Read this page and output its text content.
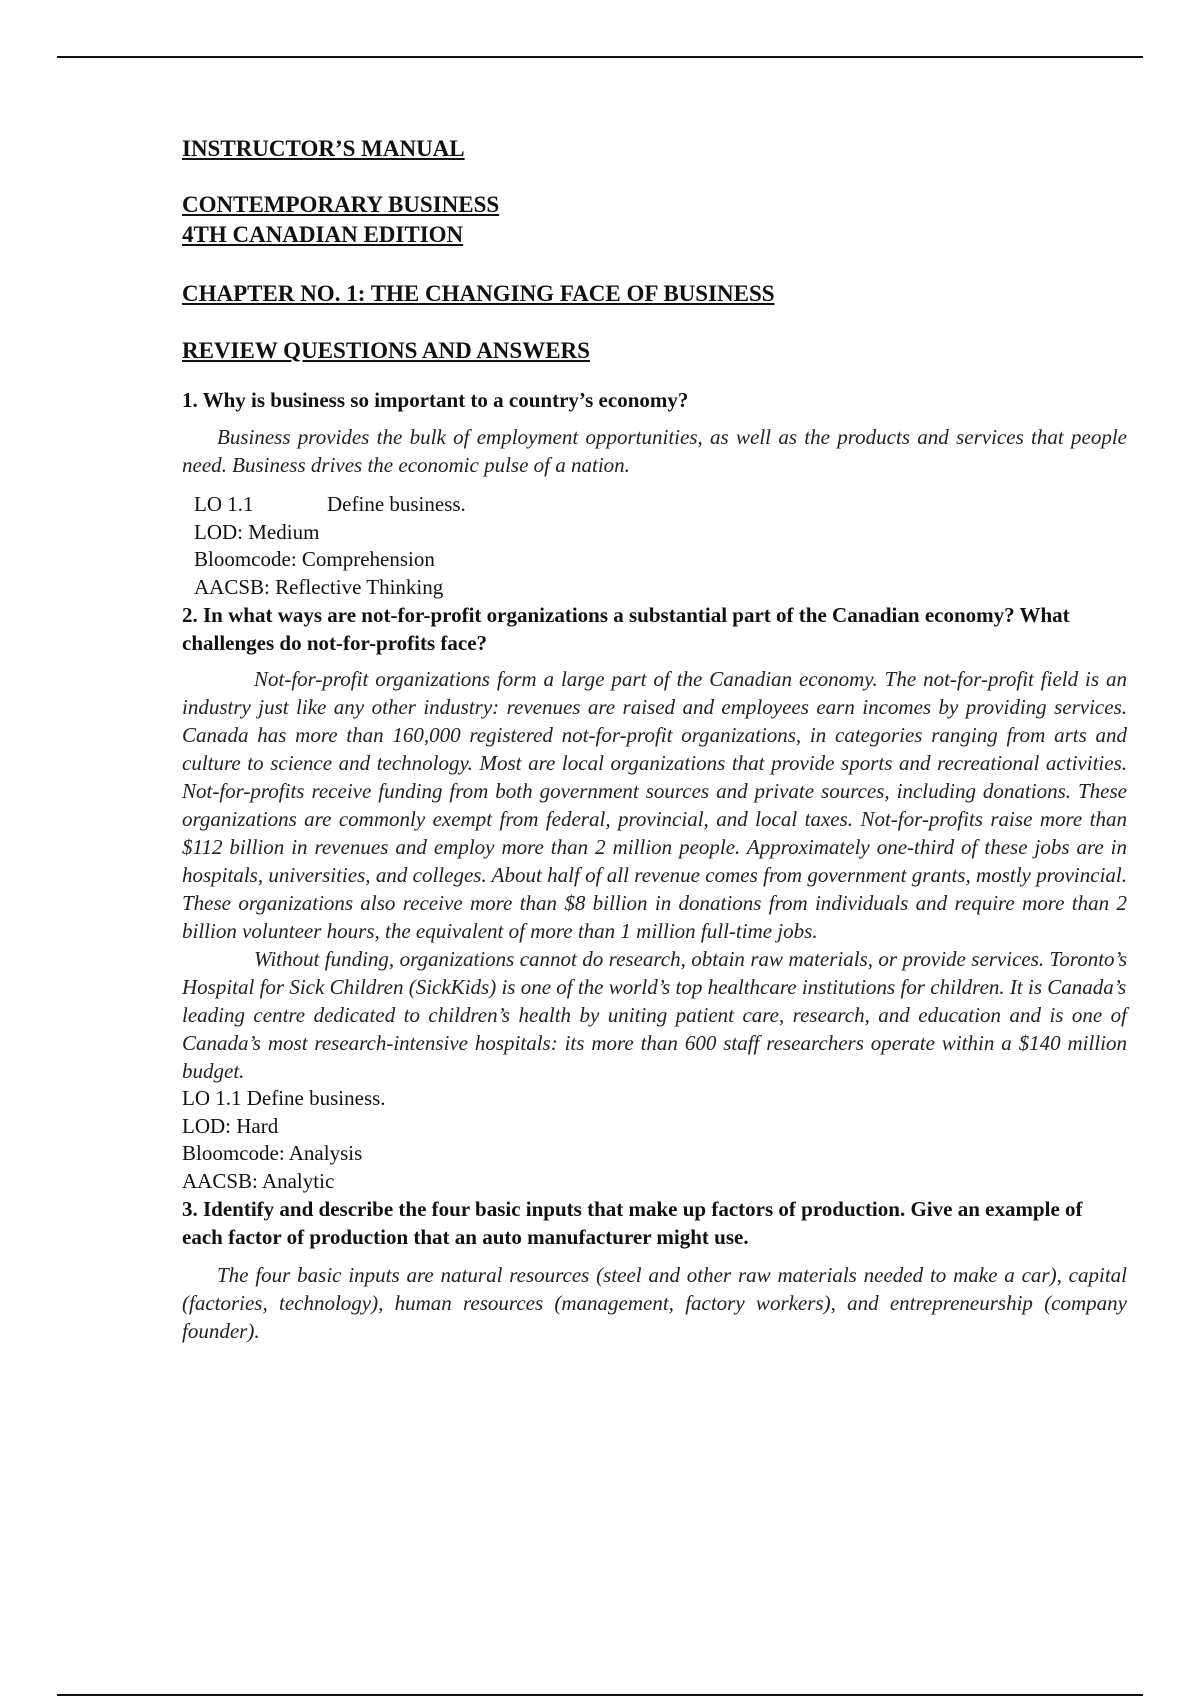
INSTRUCTOR’S MANUAL

CONTEMPORARY BUSINESS

4TH CANADIAN EDITION

CHAPTER NO. 1: THE CHANGING FACE OF BUSINESS

REVIEW QUESTIONS AND ANSWERS

1. Why is business so important to a country’s economy?

Business provides the bulk of employment opportunities, as well as the products and services that people need. Business drives the economic pulse of a nation.

LO 1.1	Define business.

LOD: Medium

Bloomcode: Comprehension

AACSB: Reflective Thinking

2. In what ways are not-for-profit organizations a substantial part of the Canadian economy? What challenges do not-for-profits face?

Not-for-profit organizations form a large part of the Canadian economy. The not-for-profit field is an industry just like any other industry: revenues are raised and employees earn incomes by providing services. Canada has more than 160,000 registered not-for-profit organizations, in categories ranging from arts and culture to science and technology. Most are local organizations that provide sports and recreational activities. Not-for-profits receive funding from both government sources and private sources, including donations. These organizations are commonly exempt from federal, provincial, and local taxes. Not-for-profits raise more than $112 billion in revenues and employ more than 2 million people. Approximately one-third of these jobs are in hospitals, universities, and colleges. About half of all revenue comes from government grants, mostly provincial. These organizations also receive more than $8 billion in donations from individuals and require more than 2 billion volunteer hours, the equivalent of more than 1 million full-time jobs.

Without funding, organizations cannot do research, obtain raw materials, or provide services. Toronto’s Hospital for Sick Children (SickKids) is one of the world’s top healthcare institutions for children. It is Canada’s

leading centre dedicated to children’s health by uniting patient care, research, and education and is one of Canada’s most research-intensive hospitals: its more than 600 staff researchers operate within a $140 million budget.

LO 1.1 Define business.

LOD: Hard

Bloomcode: Analysis

AACSB: Analytic

3. Identify and describe the four basic inputs that make up factors of production. Give an example of each factor of production that an auto manufacturer might use.

The four basic inputs are natural resources (steel and other raw materials needed to make a car), capital (factories, technology), human resources (management, factory workers), and entrepreneurship (company founder).
